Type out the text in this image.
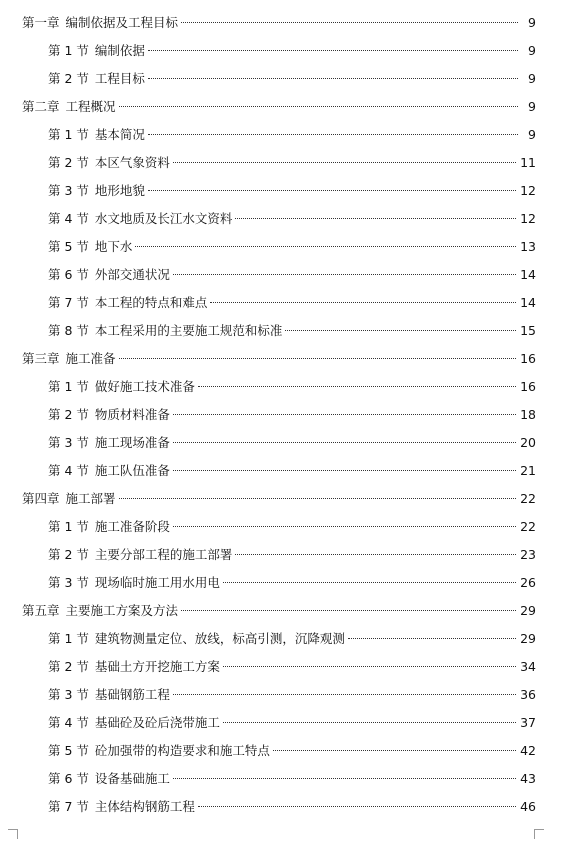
第一章 编制依据及工程目标	9
第 1 节 编制依据	9
第 2 节 工程目标	9
第二章 工程概况	9
第 1 节 基本简况	9
第 2 节 本区气象资料	11
第 3 节 地形地貌	12
第 4 节 水文地质及长江水文资料	12
第 5 节 地下水	13
第 6 节 外部交通状况	14
第 7 节 本工程的特点和难点	14
第 8 节 本工程采用的主要施工规范和标准	15
第三章 施工准备	16
第 1 节 做好施工技术准备	16
第 2 节 物质材料准备	18
第 3 节 施工现场准备	20
第 4 节 施工队伍准备	21
第四章 施工部署	22
第 1 节 施工准备阶段	22
第 2 节 主要分部工程的施工部署	23
第 3 节 现场临时施工用水用电	26
第五章 主要施工方案及方法	29
第 1 节 建筑物测量定位、放线，标高引测，沉降观测	29
第 2 节 基础土方开挖施工方案	34
第 3 节 基础钢筋工程	36
第 4 节 基础砼及砼后浇带施工	37
第 5 节 砼加强带的构造要求和施工特点	42
第 6 节 设备基础施工	43
第 7 节 主体结构钢筋工程	46
